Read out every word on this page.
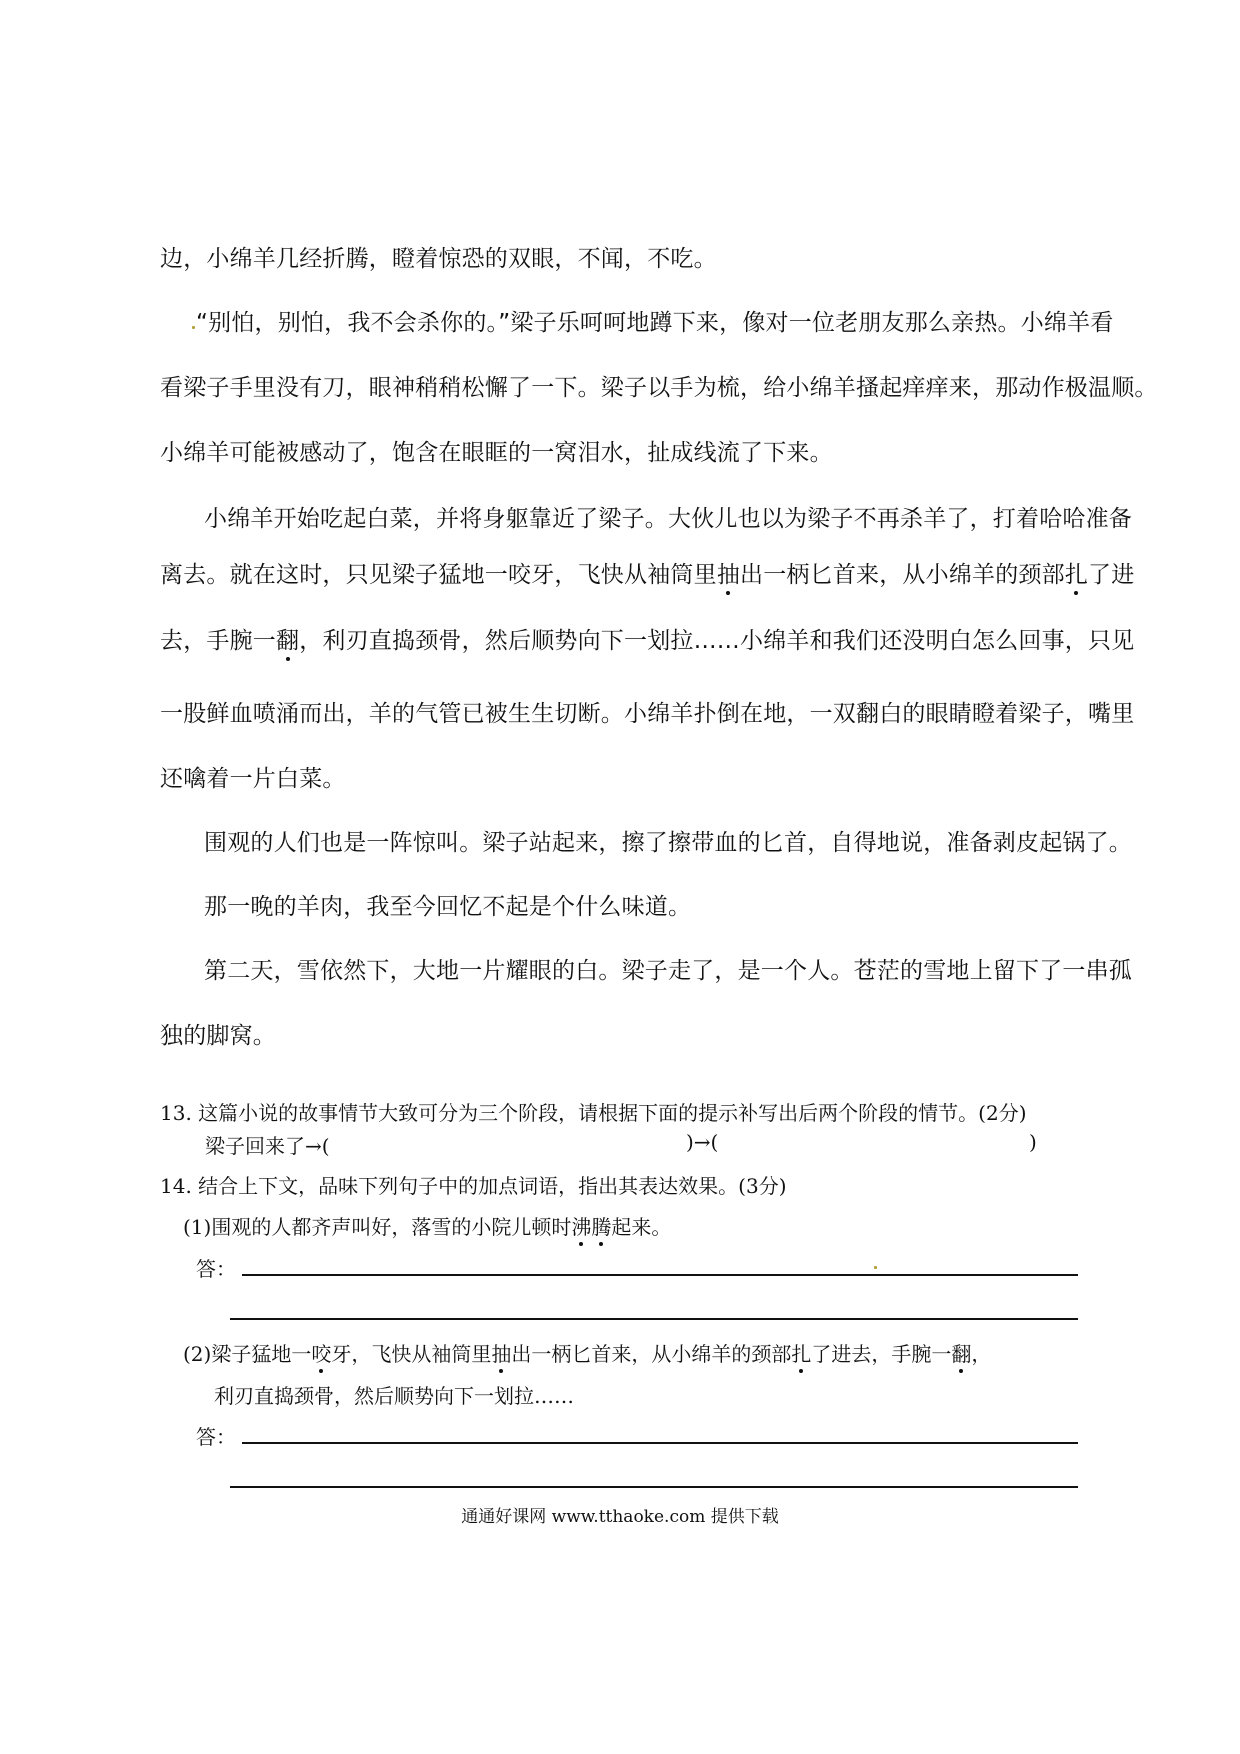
边，小绵羊几经折腾，瞪着惊恐的双眼，不闻，不吃。
“别怕，别怕，我不会杀你的。”梁子乐呵呵地蹲下来，像对一位老朋友那么亲热。小绵羊看
看梁子手里没有刀，眼神稍稍松懈了一下。梁子以手为梳，给小绵羊搔起痒痒来，那动作极温顺。
小绵羊可能被感动了，饱含在眼眶的一窝泪水，扯成线流了下来。
小绵羊开始吃起白菜，并将身躯靠近了梁子。大伙儿也以为梁子不再杀羊了，打着哈哈准备
离去。就在这时，只见梁子猛地一咬牙，飞快从袖筒里抽出一柄匕首来，从小绵羊的颈部扎了进
去，手腕一翻，利刃直捣颈骨，然后顺势向下一划拉……小绵羊和我们还没明白怎么回事，只见
一股鲜血喷涌而出，羊的气管已被生生切断。小绵羊扑倒在地，一双翻白的眼睛瞪着梁子，嘴里
还噙着一片白菜。
围观的人们也是一阵惊叫。梁子站起来，擦了擦带血的匕首，自得地说，准备剥皮起锅了。
那一晚的羊肉，我至今回忆不起是个什么味道。
第二天，雪依然下，大地一片耀眼的白。梁子走了，是一个人。苍茫的雪地上留下了一串孤
独的脚窝。
13. 这篇小说的故事情节大致可分为三个阶段，请根据下面的提示补写出后两个阶段的情节。(2分)
梁子回来了→(	)→(	)
14. 结合上下文，品味下列句子中的加点词语，指出其表达效果。(3分)
(1)围观的人都齐声叫好，落雪的小院儿顿时沸腾起来。
答：
(2)梁子猛地一咬牙，飞快从袖筒里抽出一柄匕首来，从小绵羊的颈部扎了进去，手腕一翻，
利刃直捣颈骨，然后顺势向下一划拉……
答：
通通好课网 www.tthaoke.com 提供下载
